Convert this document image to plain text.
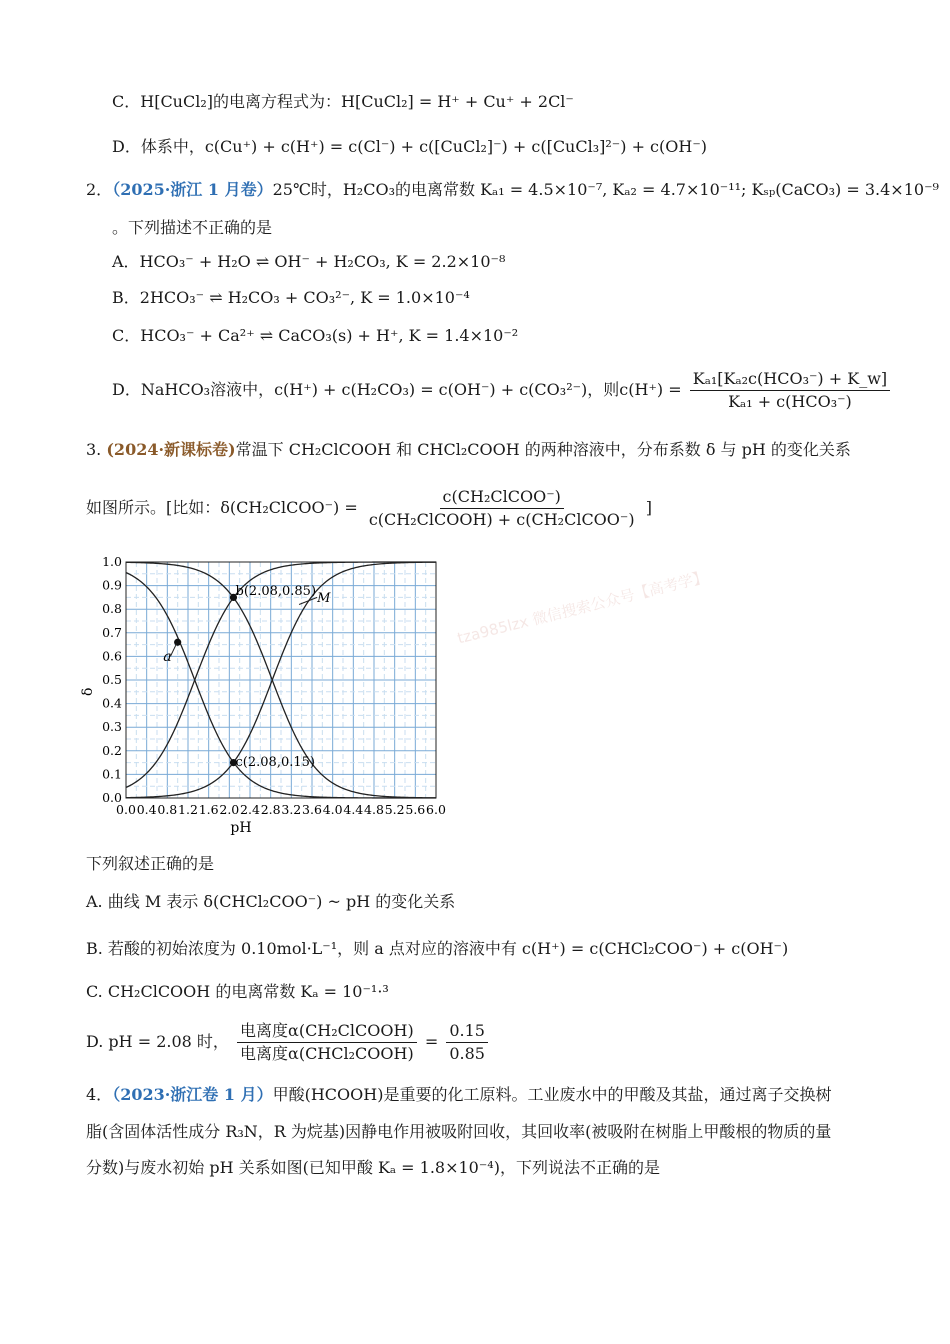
C．H[CuCl₂]的电离方程式为：H[CuCl₂] = H⁺ + Cu⁺ + 2Cl⁻
D．体系中，c(Cu⁺) + c(H⁺) = c(Cl⁻) + c([CuCl₂]⁻) + c([CuCl₃]²⁻) + c(OH⁻)
2．（2025·浙江 1 月卷）25℃时，H₂CO₃的电离常数 Kₐ₁ = 4.5×10⁻⁷, Kₐ₂ = 4.7×10⁻¹¹; Kₛₚ(CaCO₃) = 3.4×10⁻⁹
。下列描述不正确的是
A．HCO₃⁻ + H₂O ⇌ OH⁻ + H₂CO₃, K = 2.2×10⁻⁸
B．2HCO₃⁻ ⇌ H₂CO₃ + CO₃²⁻, K = 1.0×10⁻⁴
C．HCO₃⁻ + Ca²⁺ ⇌ CaCO₃(s) + H⁺, K = 1.4×10⁻²
D．NaHCO₃溶液中，c(H⁺) + c(H₂CO₃) = c(OH⁻) + c(CO₃²⁻)，则$c(H^+) = \frac{\text{Kₐ₁[Kₐ₂c(HCO₃⁻) + K\_w]}}{\text{Kₐ₁ + c(HCO₃⁻)}}$
3. (2024·新课标卷)常温下 CH₂ClCOOH 和 CHCl₂COOH 的两种溶液中，分布系数 δ 与 pH 的变化关系
如图所示。[比如：δ(CH₂ClCOO⁻) = $\frac{\text{c(CH₂ClCOO⁻)}}{\text{c(CH₂ClCOOH) + c(CH₂ClCOO⁻)}}$ ]
a
b(2.08,0.85)
c(2.08,0.15)
M
0.0 0.4 0.8 1.2 1.6 2.0 2.4 2.8 3.2 3.6 4.0 4.4 4.8 5.2 5.6 6.0
0.0
0.1
0.2
0.3
0.4
0.5
0.6
0.7
0.8
0.9
1.0
pH
δ
tza985lzx 微信搜索公众号【高考学】
下列叙述正确的是
A. 曲线 M 表示 δ(CHCl₂COO⁻) ~ pH 的变化关系
B. 若酸的初始浓度为 0.10mol·L⁻¹，则 a 点对应的溶液中有 c(H⁺) = c(CHCl₂COO⁻) + c(OH⁻)
C. CH₂ClCOOH 的电离常数 Kₐ = 10⁻¹·³
D. pH = 2.08 时， $\frac{\text{电离度α(CH₂ClCOOH)}}{\text{电离度α(CHCl₂COOH)}} = \frac{0.15}{0.85}$
4．（2023·浙江卷 1 月）甲酸(HCOOH)是重要的化工原料。工业废水中的甲酸及其盐，通过离子交换树
脂(含固体活性成分 R₃N，R 为烷基)因静电作用被吸附回收，其回收率(被吸附在树脂上甲酸根的物质的量
分数)与废水初始 pH 关系如图(已知甲酸 Kₐ = 1.8×10⁻⁴)，下列说法不正确的是
